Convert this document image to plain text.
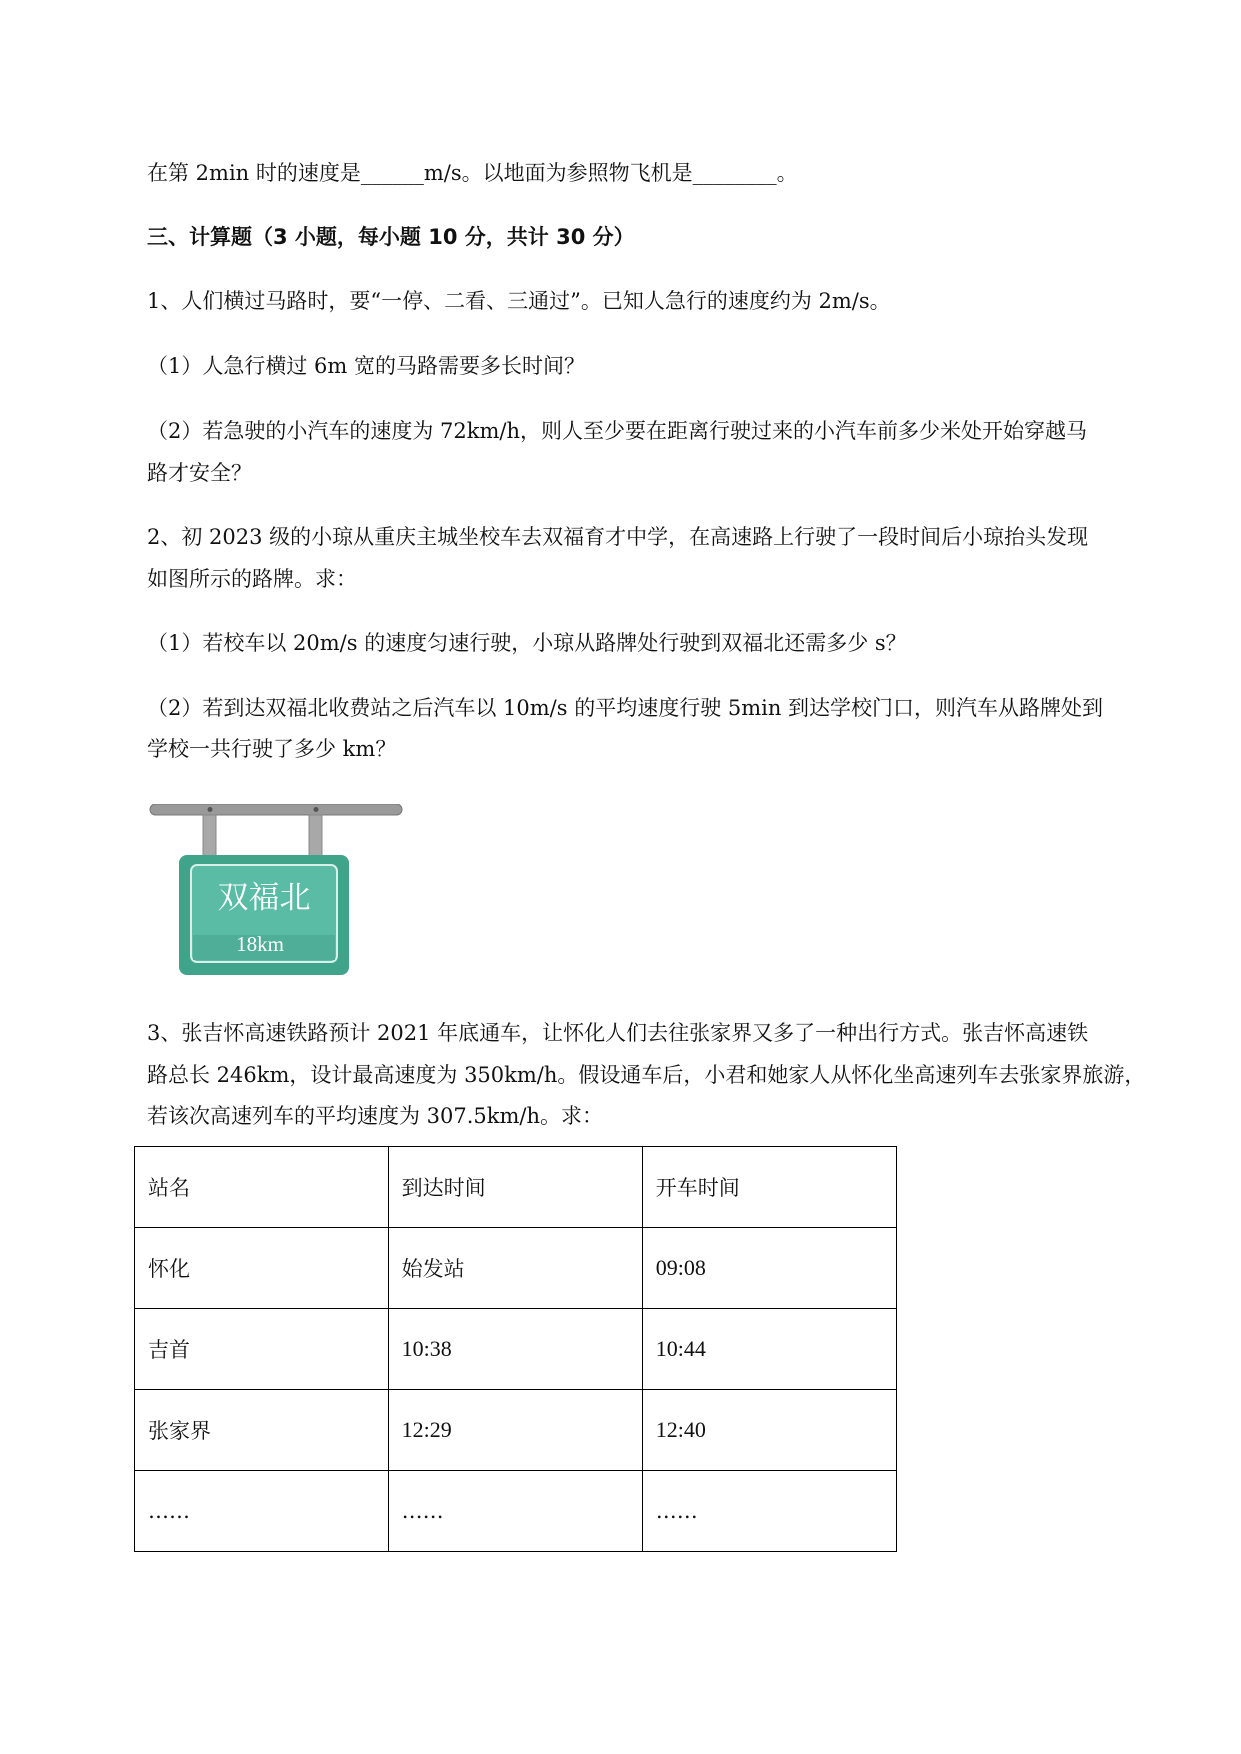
在第 2min 时的速度是______m/s。以地面为参照物飞机是________。
三、计算题（3 小题，每小题 10 分，共计 30 分）
1、人们横过马路时，要“一停、二看、三通过”。已知人急行的速度约为 2m/s。
（1）人急行横过 6m 宽的马路需要多长时间？
（2）若急驶的小汽车的速度为 72km/h，则人至少要在距离行驶过来的小汽车前多少米处开始穿越马
路才安全？
2、初 2023 级的小琼从重庆主城坐校车去双福育才中学，在高速路上行驶了一段时间后小琼抬头发现
如图所示的路牌。求：
（1）若校车以 20m/s 的速度匀速行驶，小琼从路牌处行驶到双福北还需多少 s？
（2）若到达双福北收费站之后汽车以 10m/s 的平均速度行驶 5min 到达学校门口，则汽车从路牌处到
学校一共行驶了多少 km？
双福北
18km
3、张吉怀高速铁路预计 2021 年底通车，让怀化人们去往张家界又多了一种出行方式。张吉怀高速铁
路总长 246km，设计最高速度为 350km/h。假设通车后，小君和她家人从怀化坐高速列车去张家界旅游，
若该次高速列车的平均速度为 307.5km/h。求：
站名	到达时间	开车时间
怀化	始发站	09:08
吉首	10:38	10:44
张家界	12:29	12:40
……	……	……
